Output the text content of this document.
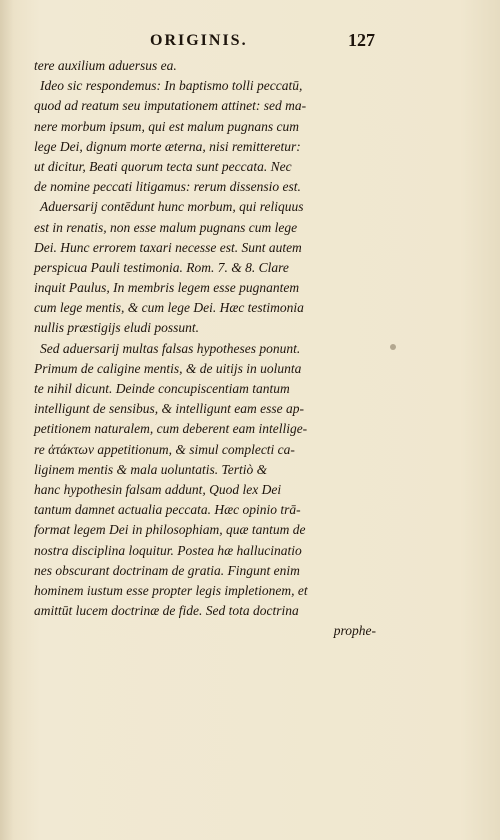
ORIGINIS.	127
tere auxilium aduersus ea.
Ideo sic respondemus: In baptismo tolli peccatū,
quod ad reatum seu imputationem attinet: sed ma-
nere morbum ipsum, qui est malum pugnans cum
lege Dei, dignum morte æterna, nisi remitteretur:
ut dicitur, Beati quorum tecta sunt peccata. Nec
de nomine peccati litigamus: rerum dissensio est.
Aduersarij contēdunt hunc morbum, qui reliquus
est in renatis, non esse malum pugnans cum lege
Dei. Hunc errorem taxari necesse est. Sunt autem
perspicua Pauli testimonia. Rom. 7. & 8. Clare
inquit Paulus, In membris legem esse pugnantem
cum lege mentis, & cum lege Dei. Hæc testimonia
nullis præstigijs eludi possunt.
Sed aduersarij multas falsas hypotheses ponunt.
Primum de caligine mentis, & de uitijs in uolunta
te nihil dicunt. Deinde concupiscentiam tantum
intelligunt de sensibus, & intelligunt eam esse ap-
petitionem naturalem, cum deberent eam intellige-
re ἀτάκτων appetitionum, & simul complecti ca-
liginem mentis & mala uoluntatis. Tertiò &
hanc hypothesin falsam addunt, Quod lex Dei
tantum damnet actualia peccata. Hæc opinio trā-
format legem Dei in philosophiam, quæ tantum de
nostra disciplina loquitur. Postea hæ hallucinatio
nes obscurant doctrinam de gratia. Fingunt enim
hominem iustum esse propter legis impletionem, et
amittūt lucem doctrinæ de fide. Sed tota doctrina
prophe-
